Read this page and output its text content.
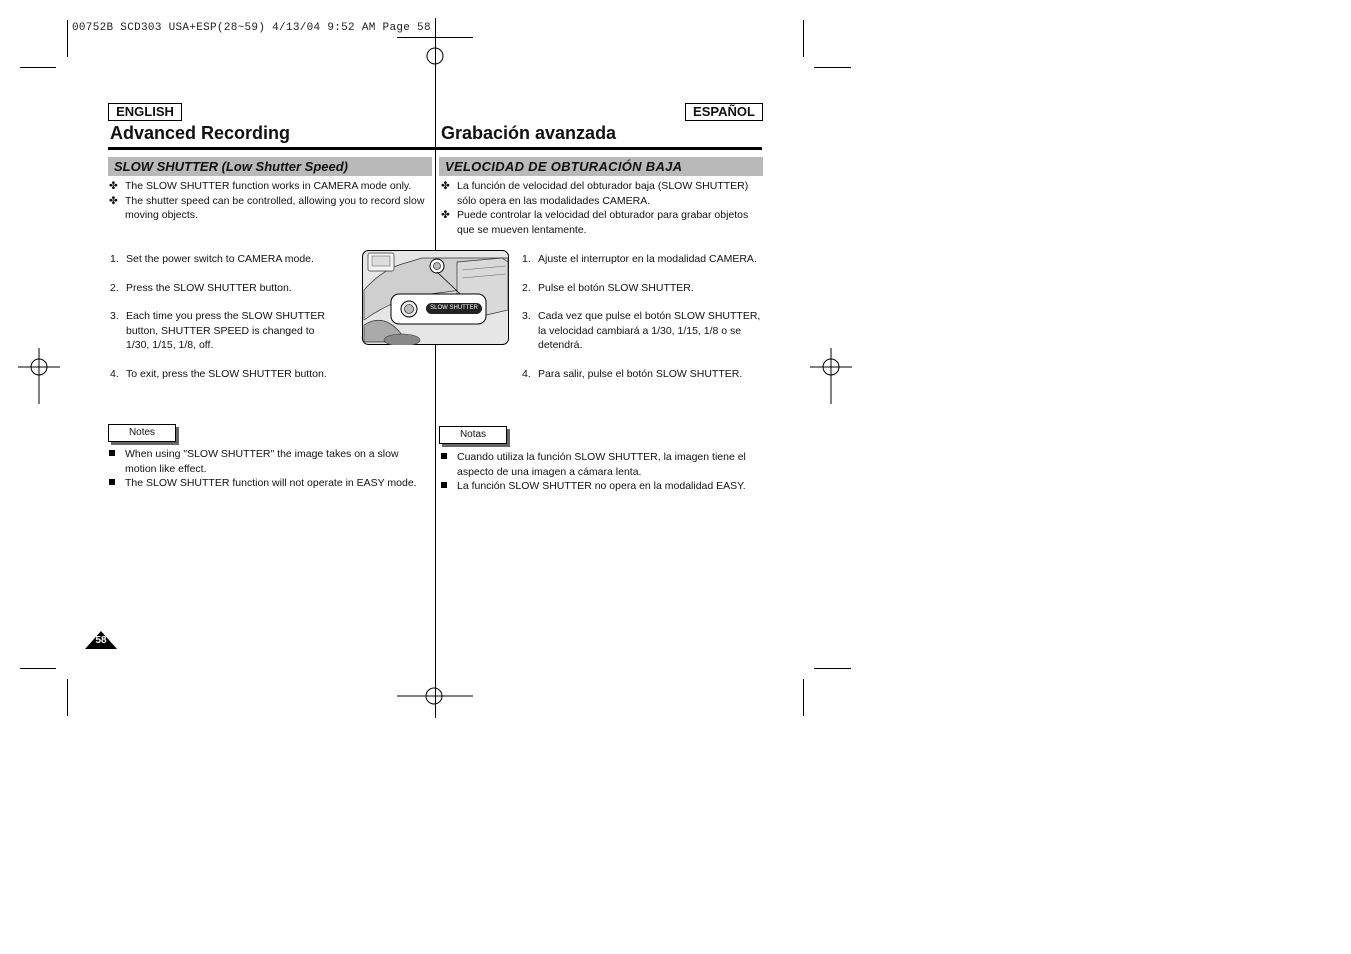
00752B SCD303 USA+ESP(28~59) 4/13/04 9:52 AM Page 58
ENGLISH	ESPAÑOL
Advanced Recording	Grabación avanzada
SLOW SHUTTER (Low Shutter Speed)	VELOCIDAD DE OBTURACIÓN BAJA
✤ The SLOW SHUTTER function works in CAMERA mode only.
✤ The shutter speed can be controlled, allowing you to record slow moving objects.
✤ La función de velocidad del obturador baja (SLOW SHUTTER) sólo opera en las modalidades CAMERA.
✤ Puede controlar la velocidad del obturador para grabar objetos que se mueven lentamente.
1. Set the power switch to CAMERA mode.
2. Press the SLOW SHUTTER button.
3. Each time you press the SLOW SHUTTER button, SHUTTER SPEED is changed to 1/30, 1/15, 1/8, off.
4. To exit, press the SLOW SHUTTER button.
SLOW SHUTTER
1. Ajuste el interruptor en la modalidad CAMERA.
2. Pulse el botón SLOW SHUTTER.
3. Cada vez que pulse el botón SLOW SHUTTER, la velocidad cambiará a 1/30, 1/15, 1/8 o se detendrá.
4. Para salir, pulse el botón SLOW SHUTTER.
Notes	Notas
When using "SLOW SHUTTER" the image takes on a slow motion like effect.
The SLOW SHUTTER function will not operate in EASY mode.
Cuando utiliza la función SLOW SHUTTER, la imagen tiene el aspecto de una imagen a cámara lenta.
La función SLOW SHUTTER no opera en la modalidad EASY.
58
